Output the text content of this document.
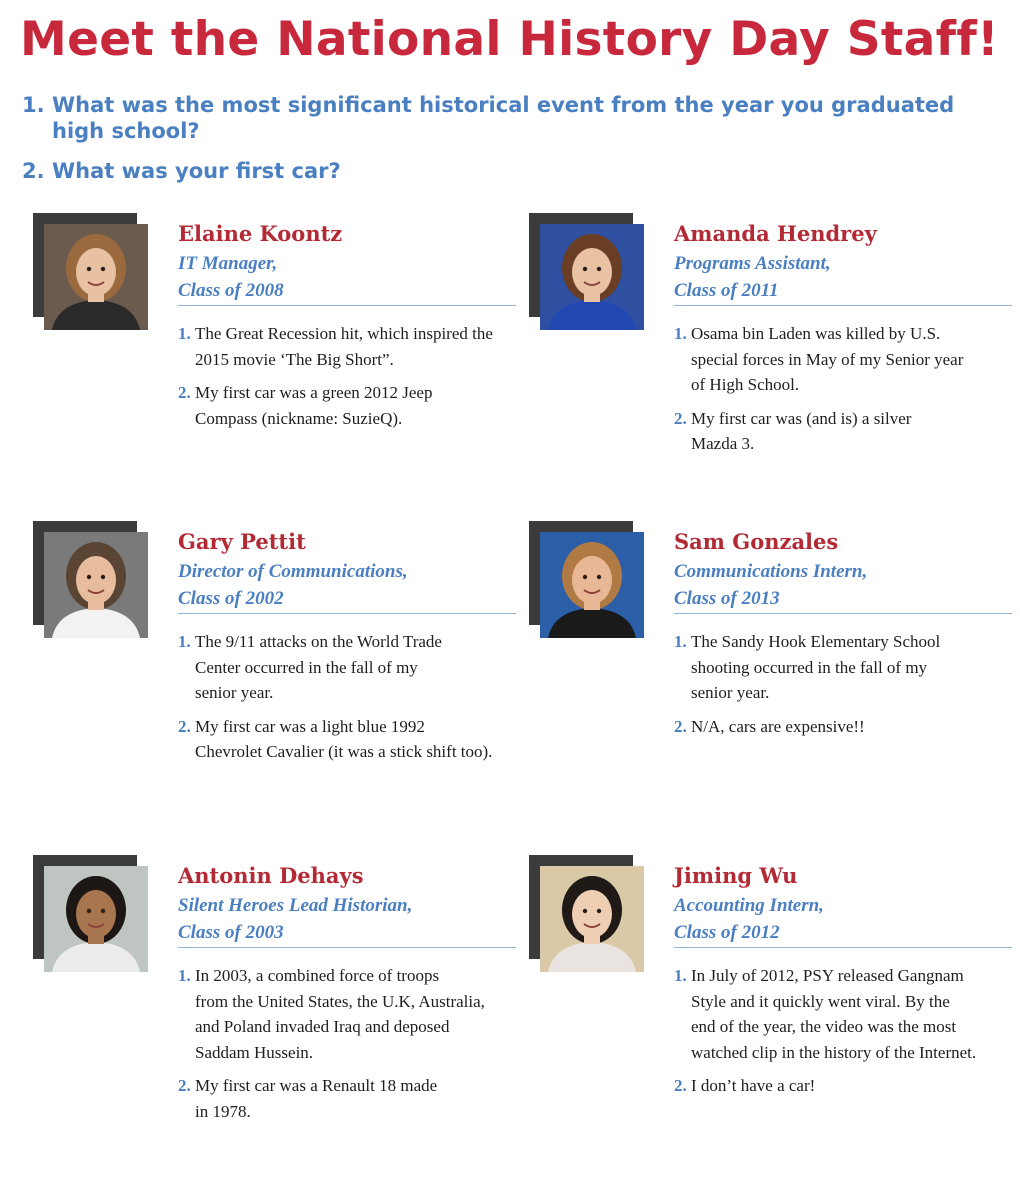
Meet the National History Day Staff!
1. What was the most significant historical event from the year you graduated
high school?
2. What was your first car?
Elaine Koontz
IT Manager,
Class of 2008
1. The Great Recession hit, which inspired the
2015 movie ‘The Big Short”.
2. My first car was a green 2012 Jeep
Compass (nickname: SuzieQ).
Amanda Hendrey
Programs Assistant,
Class of 2011
1. Osama bin Laden was killed by U.S.
special forces in May of my Senior year
of High School.
2. My first car was (and is) a silver
Mazda 3.
Gary Pettit
Director of Communications,
Class of 2002
1. The 9/11 attacks on the World Trade
Center occurred in the fall of my
senior year.
2. My first car was a light blue 1992
Chevrolet Cavalier (it was a stick shift too).
Sam Gonzales
Communications Intern,
Class of 2013
1. The Sandy Hook Elementary School
shooting occurred in the fall of my
senior year.
2. N/A, cars are expensive!!
Antonin Dehays
Silent Heroes Lead Historian,
Class of 2003
1. In 2003, a combined force of troops
from the United States, the U.K, Australia,
and Poland invaded Iraq and deposed
Saddam Hussein.
2. My first car was a Renault 18 made
in 1978.
Jiming Wu
Accounting Intern,
Class of 2012
1. In July of 2012, PSY released Gangnam
Style and it quickly went viral. By the
end of the year, the video was the most
watched clip in the history of the Internet.
2. I don’t have a car!
